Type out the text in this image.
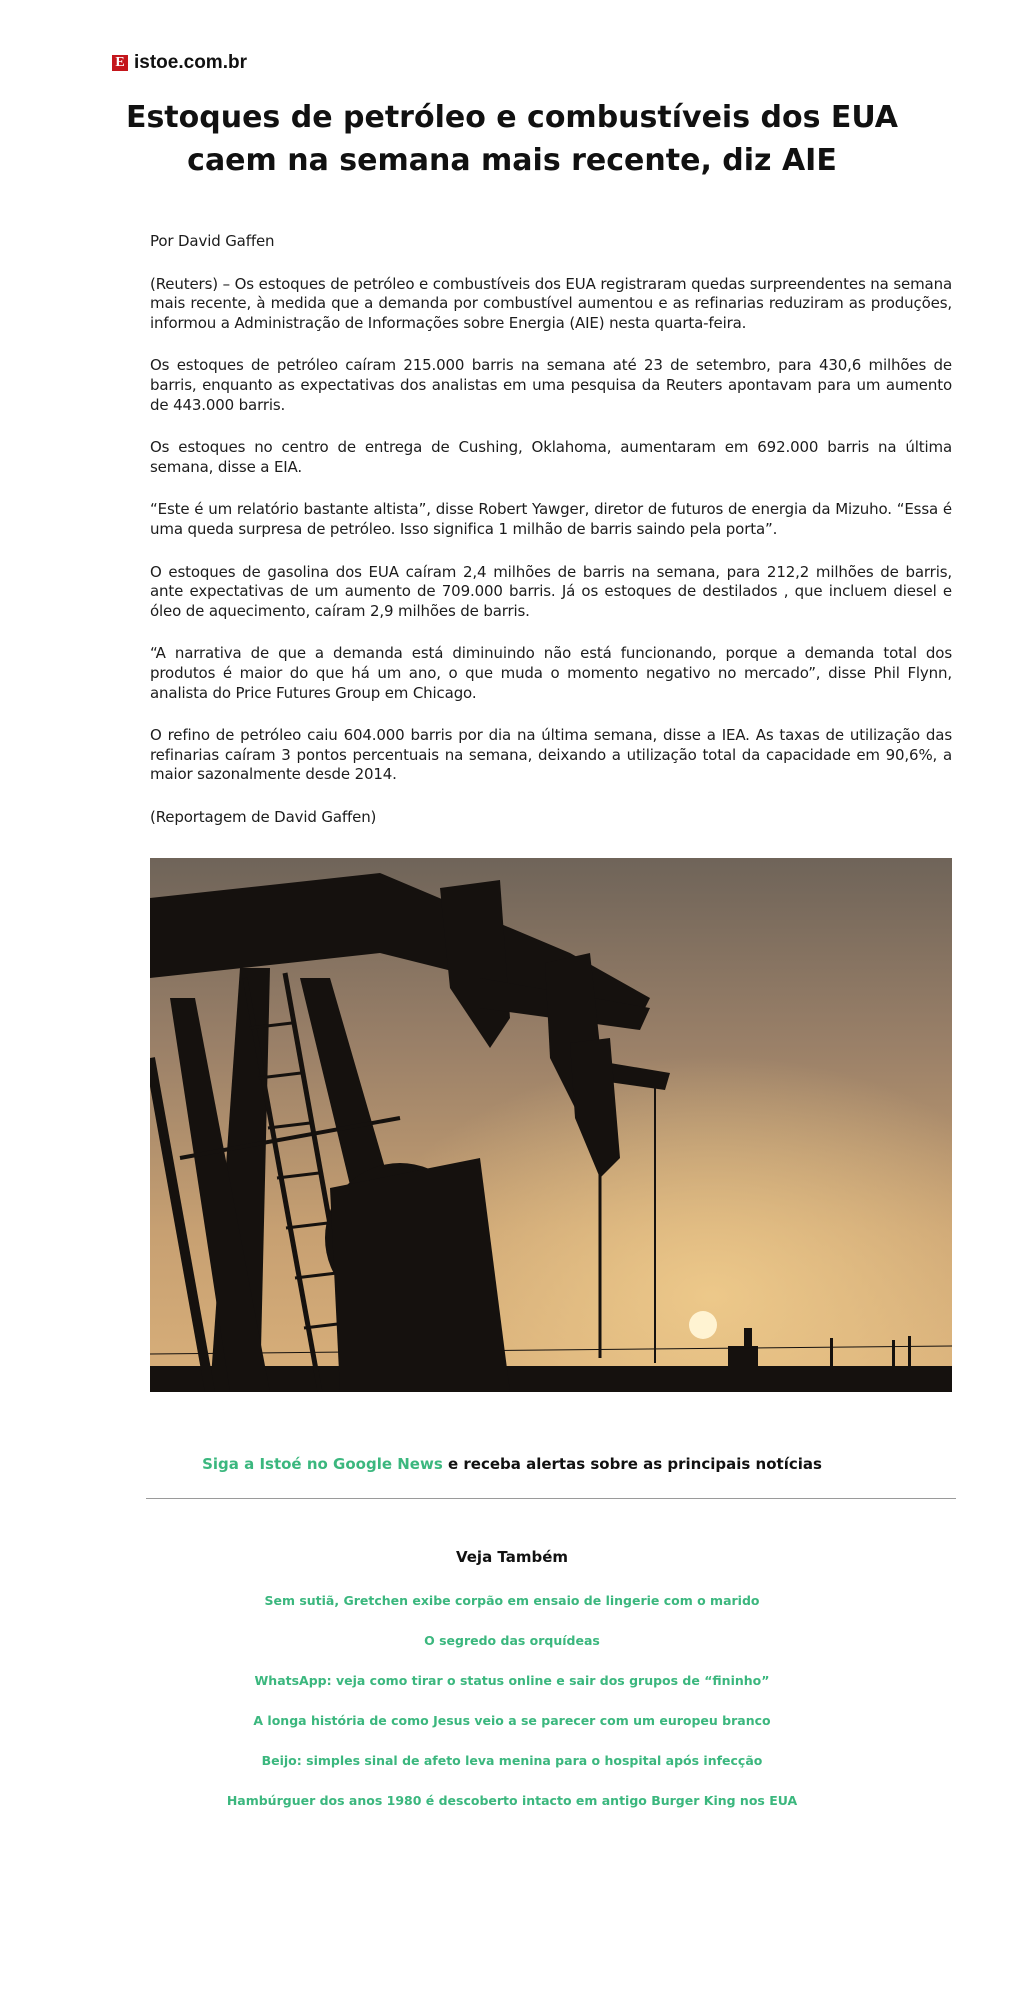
E istoe.com.br
Estoques de petróleo e combustíveis dos EUA caem na semana mais recente, diz AIE

Por David Gaffen

(Reuters) – Os estoques de petróleo e combustíveis dos EUA registraram quedas surpreendentes na semana mais recente, à medida que a demanda por combustível aumentou e as refinarias reduziram as produções, informou a Administração de Informações sobre Energia (AIE) nesta quarta-feira.

Os estoques de petróleo caíram 215.000 barris na semana até 23 de setembro, para 430,6 milhões de barris, enquanto as expectativas dos analistas em uma pesquisa da Reuters apontavam para um aumento de 443.000 barris.

Os estoques no centro de entrega de Cushing, Oklahoma, aumentaram em 692.000 barris na última semana, disse a EIA.

“Este é um relatório bastante altista”, disse Robert Yawger, diretor de futuros de energia da Mizuho. “Essa é uma queda surpresa de petróleo. Isso significa 1 milhão de barris saindo pela porta”.

O estoques de gasolina dos EUA caíram 2,4 milhões de barris na semana, para 212,2 milhões de barris, ante expectativas de um aumento de 709.000 barris. Já os estoques de destilados , que incluem diesel e óleo de aquecimento, caíram 2,9 milhões de barris.

“A narrativa de que a demanda está diminuindo não está funcionando, porque a demanda total dos produtos é maior do que há um ano, o que muda o momento negativo no mercado”, disse Phil Flynn, analista do Price Futures Group em Chicago.

O refino de petróleo caiu 604.000 barris por dia na última semana, disse a IEA. As taxas de utilização das refinarias caíram 3 pontos percentuais na semana, deixando a utilização total da capacidade em 90,6%, a maior sazonalmente desde 2014.

(Reportagem de David Gaffen)

Siga a Istoé no Google News e receba alertas sobre as principais notícias
Veja Também
Sem sutiã, Gretchen exibe corpão em ensaio de lingerie com o marido
O segredo das orquídeas
WhatsApp: veja como tirar o status online e sair dos grupos de “fininho”
A longa história de como Jesus veio a se parecer com um europeu branco
Beijo: simples sinal de afeto leva menina para o hospital após infecção
Hambúrguer dos anos 1980 é descoberto intacto em antigo Burger King nos EUA
